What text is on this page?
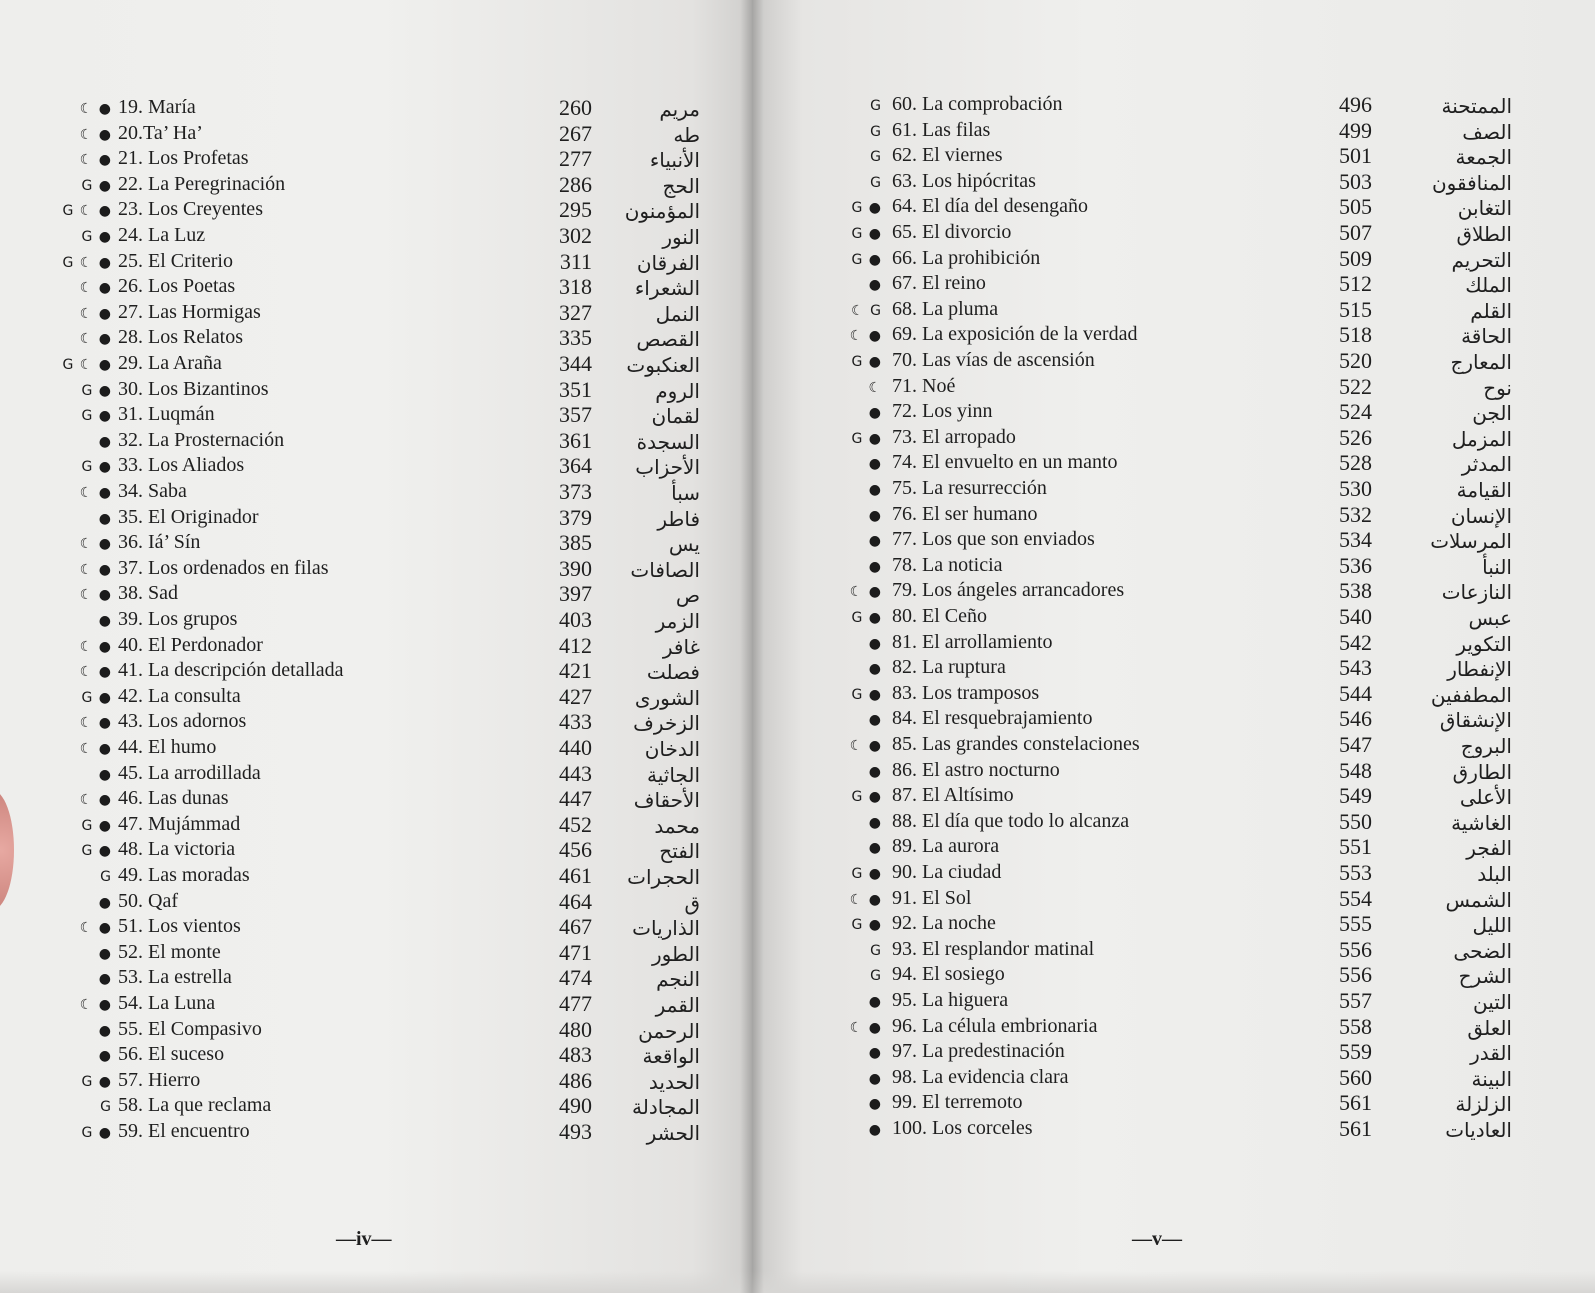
☾ ● 19. María	260	مريم
☾ ● 20.Ta’ Ha’	267	طه
☾ ● 21. Los Profetas	277	الأنبياء
G ● 22. La Peregrinación	286	الحج
G ☾ ● 23. Los Creyentes	295	المؤمنون
G ● 24. La Luz	302	النور
G ☾ ● 25. El Criterio	311	الفرقان
☾ ● 26. Los Poetas	318	الشعراء
☾ ● 27. Las Hormigas	327	النمل
☾ ● 28. Los Relatos	335	القصص
G ☾ ● 29. La Araña	344	العنكبوت
G ● 30. Los Bizantinos	351	الروم
G ● 31. Luqmán	357	لقمان
● 32. La Prosternación	361	السجدة
G ● 33. Los Aliados	364	الأحزاب
☾ ● 34. Saba	373	سبأ
● 35. El Originador	379	فاطر
☾ ● 36. Iá’ Sín	385	يس
☾ ● 37. Los ordenados en filas	390	الصافات
☾ ● 38. Sad	397	ص
● 39. Los grupos	403	الزمر
☾ ● 40. El Perdonador	412	غافر
☾ ● 41. La descripción detallada	421	فصلت
G ● 42. La consulta	427	الشورى
☾ ● 43. Los adornos	433	الزخرف
☾ ● 44. El humo	440	الدخان
● 45. La arrodillada	443	الجاثية
☾ ● 46. Las dunas	447	الأحقاف
G ● 47. Mujámmad	452	محمد
G ● 48. La victoria	456	الفتح
G 49. Las moradas	461	الحجرات
● 50. Qaf	464	ق
☾ ● 51. Los vientos	467	الذاريات
● 52. El monte	471	الطور
● 53. La estrella	474	النجم
☾ ● 54. La Luna	477	القمر
● 55. El Compasivo	480	الرحمن
● 56. El suceso	483	الواقعة
G ● 57. Hierro	486	الحديد
G 58. La que reclama	490	المجادلة
G ● 59. El encuentro	493	الحشر
—iv—
G 60. La comprobación	496	الممتحنة
G 61. Las filas	499	الصف
G 62. El viernes	501	الجمعة
G 63. Los hipócritas	503	المنافقون
G ● 64. El día del desengaño	505	التغابن
G ● 65. El divorcio	507	الطلاق
G ● 66. La prohibición	509	التحريم
● 67. El reino	512	الملك
☾ G 68. La pluma	515	القلم
☾ ● 69. La exposición de la verdad	518	الحاقة
G ● 70. Las vías de ascensión	520	المعارج
☾ 71. Noé	522	نوح
● 72. Los yinn	524	الجن
G ● 73. El arropado	526	المزمل
● 74. El envuelto en un manto	528	المدثر
● 75. La resurrección	530	القيامة
● 76. El ser humano	532	الإنسان
● 77. Los que son enviados	534	المرسلات
● 78. La noticia	536	النبأ
☾ ● 79. Los ángeles arrancadores	538	النازعات
G ● 80. El Ceño	540	عبس
● 81. El arrollamiento	542	التكوير
● 82. La ruptura	543	الإنفطار
G ● 83. Los tramposos	544	المطففين
● 84. El resquebrajamiento	546	الإنشقاق
☾ ● 85. Las grandes constelaciones	547	البروج
● 86. El astro nocturno	548	الطارق
G ● 87. El Altísimo	549	الأعلى
● 88. El día que todo lo alcanza	550	الغاشية
● 89. La aurora	551	الفجر
G ● 90. La ciudad	553	البلد
☾ ● 91. El Sol	554	الشمس
G ● 92. La noche	555	الليل
G 93. El resplandor matinal	556	الضحى
G 94. El sosiego	556	الشرح
● 95. La higuera	557	التين
☾ ● 96. La célula embrionaria	558	العلق
● 97. La predestinación	559	القدر
● 98. La evidencia clara	560	البينة
● 99. El terremoto	561	الزلزلة
● 100. Los corceles	561	العاديات
—v—
